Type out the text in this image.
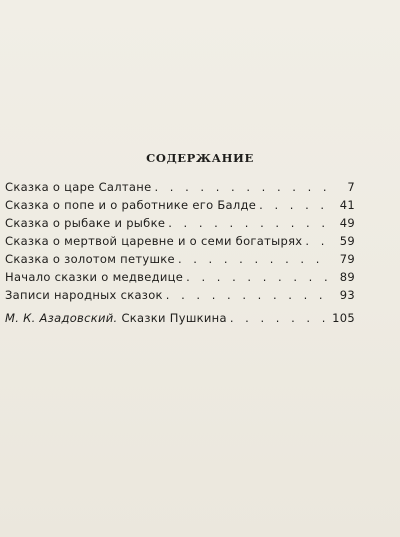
СОДЕРЖАНИЕ
Сказка о царе Салтане . . .	7
Сказка о попе и о работнике его Балде . . .	41
Сказка о рыбаке и рыбке . . .	49
Сказка о мертвой царевне и о семи богатырях . . .	59
Сказка о золотом петушке . . .	79
Начало сказки о медведице . . .	89
Записи народных сказок . . .	93
М. К. Азадовский. Сказки Пушкина . . .	105
